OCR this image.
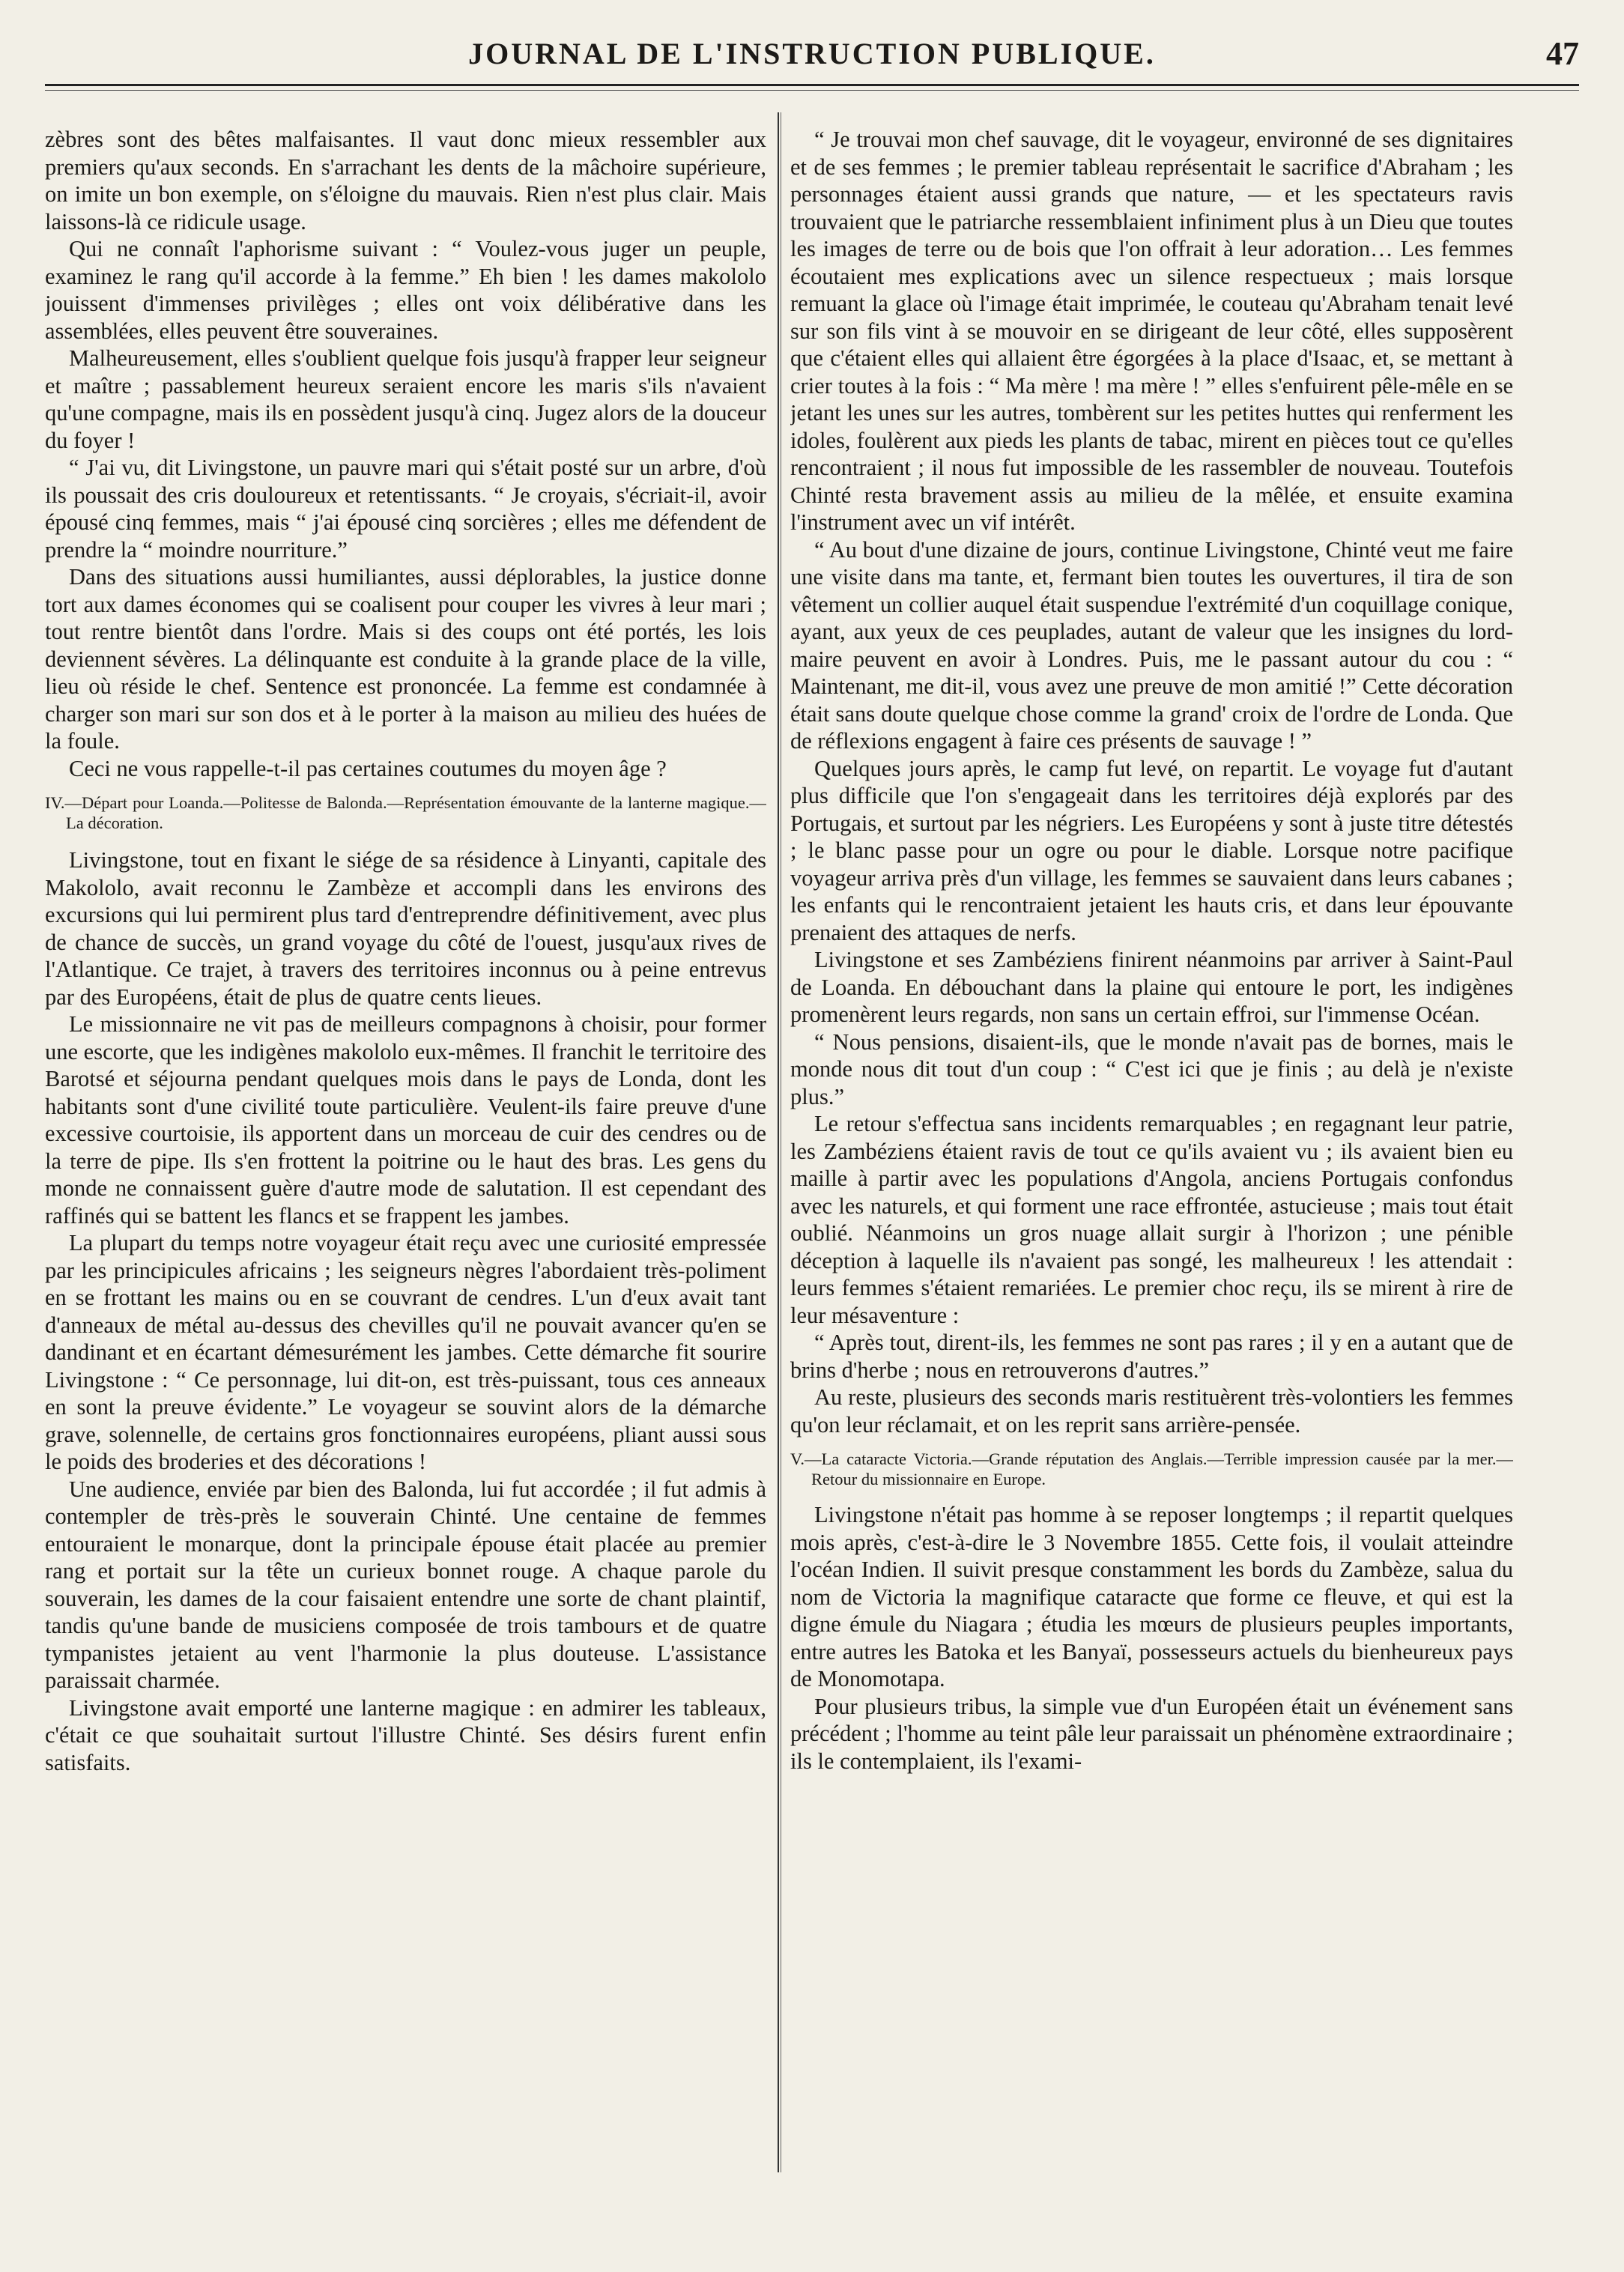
JOURNAL DE L'INSTRUCTION PUBLIQUE.	47

zèbres sont des bêtes malfaisantes. Il vaut donc mieux ressembler aux premiers qu'aux seconds. En s'arrachant les dents de la mâchoire supérieure, on imite un bon exemple, on s'éloigne du mauvais. Rien n'est plus clair. Mais laissons-là ce ridicule usage.

Qui ne connaît l'aphorisme suivant : “ Voulez-vous juger un peuple, examinez le rang qu'il accorde à la femme.” Eh bien ! les dames makololo jouissent d'immenses privilèges ; elles ont voix délibérative dans les assemblées, elles peuvent être souveraines.

Malheureusement, elles s'oublient quelque fois jusqu'à frapper leur seigneur et maître ; passablement heureux seraient encore les maris s'ils n'avaient qu'une compagne, mais ils en possèdent jusqu'à cinq. Jugez alors de la douceur du foyer !

“ J'ai vu, dit Livingstone, un pauvre mari qui s'était posté sur un arbre, d'où ils poussait des cris douloureux et retentissants. “ Je croyais, s'écriait-il, avoir épousé cinq femmes, mais “ j'ai épousé cinq sorcières ; elles me défendent de prendre la “ moindre nourriture.”

Dans des situations aussi humiliantes, aussi déplorables, la justice donne tort aux dames économes qui se coalisent pour couper les vivres à leur mari ; tout rentre bientôt dans l'ordre. Mais si des coups ont été portés, les lois deviennent sévères. La délinquante est conduite à la grande place de la ville, lieu où réside le chef. Sentence est prononcée. La femme est condamnée à charger son mari sur son dos et à le porter à la maison au milieu des huées de la foule.

Ceci ne vous rappelle-t-il pas certaines coutumes du moyen âge ?

IV.—Départ pour Loanda.—Politesse de Balonda.—Représentation émouvante de la lanterne magique.—La décoration.

Livingstone, tout en fixant le siége de sa résidence à Linyanti, capitale des Makololo, avait reconnu le Zambèze et accompli dans les environs des excursions qui lui permirent plus tard d'entreprendre définitivement, avec plus de chance de succès, un grand voyage du côté de l'ouest, jusqu'aux rives de l'Atlantique. Ce trajet, à travers des territoires inconnus ou à peine entrevus par des Européens, était de plus de quatre cents lieues.

Le missionnaire ne vit pas de meilleurs compagnons à choisir, pour former une escorte, que les indigènes makololo eux-mêmes. Il franchit le territoire des Barotsé et séjourna pendant quelques mois dans le pays de Londa, dont les habitants sont d'une civilité toute particulière. Veulent-ils faire preuve d'une excessive courtoisie, ils apportent dans un morceau de cuir des cendres ou de la terre de pipe. Ils s'en frottent la poitrine ou le haut des bras. Les gens du monde ne connaissent guère d'autre mode de salutation. Il est cependant des raffinés qui se battent les flancs et se frappent les jambes.

La plupart du temps notre voyageur était reçu avec une curiosité empressée par les principicules africains ; les seigneurs nègres l'abordaient très-poliment en se frottant les mains ou en se couvrant de cendres. L'un d'eux avait tant d'anneaux de métal au-dessus des chevilles qu'il ne pouvait avancer qu'en se dandinant et en écartant démesurément les jambes. Cette démarche fit sourire Livingstone : “ Ce personnage, lui dit-on, est très-puissant, tous ces anneaux en sont la preuve évidente.” Le voyageur se souvint alors de la démarche grave, solennelle, de certains gros fonctionnaires européens, pliant aussi sous le poids des broderies et des décorations !

Une audience, enviée par bien des Balonda, lui fut accordée ; il fut admis à contempler de très-près le souverain Chinté. Une centaine de femmes entouraient le monarque, dont la principale épouse était placée au premier rang et portait sur la tête un curieux bonnet rouge. A chaque parole du souverain, les dames de la cour faisaient entendre une sorte de chant plaintif, tandis qu'une bande de musiciens composée de trois tambours et de quatre tympanistes jetaient au vent l'harmonie la plus douteuse. L'assistance paraissait charmée.

Livingstone avait emporté une lanterne magique : en admirer les tableaux, c'était ce que souhaitait surtout l'illustre Chinté. Ses désirs furent enfin satisfaits.

“ Je trouvai mon chef sauvage, dit le voyageur, environné de ses dignitaires et de ses femmes ; le premier tableau représentait le sacrifice d'Abraham ; les personnages étaient aussi grands que nature, — et les spectateurs ravis trouvaient que le patriarche ressemblaient infiniment plus à un Dieu que toutes les images de terre ou de bois que l'on offrait à leur adoration… Les femmes écoutaient mes explications avec un silence respectueux ; mais lorsque remuant la glace où l'image était imprimée, le couteau qu'Abraham tenait levé sur son fils vint à se mouvoir en se dirigeant de leur côté, elles supposèrent que c'étaient elles qui allaient être égorgées à la place d'Isaac, et, se mettant à crier toutes à la fois : “ Ma mère ! ma mère ! ” elles s'enfuirent pêle-mêle en se jetant les unes sur les autres, tombèrent sur les petites huttes qui renferment les idoles, foulèrent aux pieds les plants de tabac, mirent en pièces tout ce qu'elles rencontraient ; il nous fut impossible de les rassembler de nouveau. Toutefois Chinté resta bravement assis au milieu de la mêlée, et ensuite examina l'instrument avec un vif intérêt.

“ Au bout d'une dizaine de jours, continue Livingstone, Chinté veut me faire une visite dans ma tante, et, fermant bien toutes les ouvertures, il tira de son vêtement un collier auquel était suspendue l'extrémité d'un coquillage conique, ayant, aux yeux de ces peuplades, autant de valeur que les insignes du lord-maire peuvent en avoir à Londres. Puis, me le passant autour du cou : “ Maintenant, me dit-il, vous avez une preuve de mon amitié !” Cette décoration était sans doute quelque chose comme la grand' croix de l'ordre de Londa. Que de réflexions engagent à faire ces présents de sauvage ! ”

Quelques jours après, le camp fut levé, on repartit. Le voyage fut d'autant plus difficile que l'on s'engageait dans les territoires déjà explorés par des Portugais, et surtout par les négriers. Les Européens y sont à juste titre détestés ; le blanc passe pour un ogre ou pour le diable. Lorsque notre pacifique voyageur arriva près d'un village, les femmes se sauvaient dans leurs cabanes ; les enfants qui le rencontraient jetaient les hauts cris, et dans leur épouvante prenaient des attaques de nerfs.

Livingstone et ses Zambéziens finirent néanmoins par arriver à Saint-Paul de Loanda. En débouchant dans la plaine qui entoure le port, les indigènes promenèrent leurs regards, non sans un certain effroi, sur l'immense Océan.

“ Nous pensions, disaient-ils, que le monde n'avait pas de bornes, mais le monde nous dit tout d'un coup : “ C'est ici que je finis ; au delà je n'existe plus.”

Le retour s'effectua sans incidents remarquables ; en regagnant leur patrie, les Zambéziens étaient ravis de tout ce qu'ils avaient vu ; ils avaient bien eu maille à partir avec les populations d'Angola, anciens Portugais confondus avec les naturels, et qui forment une race effrontée, astucieuse ; mais tout était oublié. Néanmoins un gros nuage allait surgir à l'horizon ; une pénible déception à laquelle ils n'avaient pas songé, les malheureux ! les attendait : leurs femmes s'étaient remariées. Le premier choc reçu, ils se mirent à rire de leur mésaventure :

“ Après tout, dirent-ils, les femmes ne sont pas rares ; il y en a autant que de brins d'herbe ; nous en retrouverons d'autres.”

Au reste, plusieurs des seconds maris restituèrent très-volontiers les femmes qu'on leur réclamait, et on les reprit sans arrière-pensée.

V.—La cataracte Victoria.—Grande réputation des Anglais.—Terrible impression causée par la mer.—Retour du missionnaire en Europe.

Livingstone n'était pas homme à se reposer longtemps ; il repartit quelques mois après, c'est-à-dire le 3 Novembre 1855. Cette fois, il voulait atteindre l'océan Indien. Il suivit presque constamment les bords du Zambèze, salua du nom de Victoria la magnifique cataracte que forme ce fleuve, et qui est la digne émule du Niagara ; étudia les mœurs de plusieurs peuples importants, entre autres les Batoka et les Banyaï, possesseurs actuels du bienheureux pays de Monomotapa.

Pour plusieurs tribus, la simple vue d'un Européen était un événement sans précédent ; l'homme au teint pâle leur paraissait un phénomène extraordinaire ; ils le contemplaient, ils l'exami-
